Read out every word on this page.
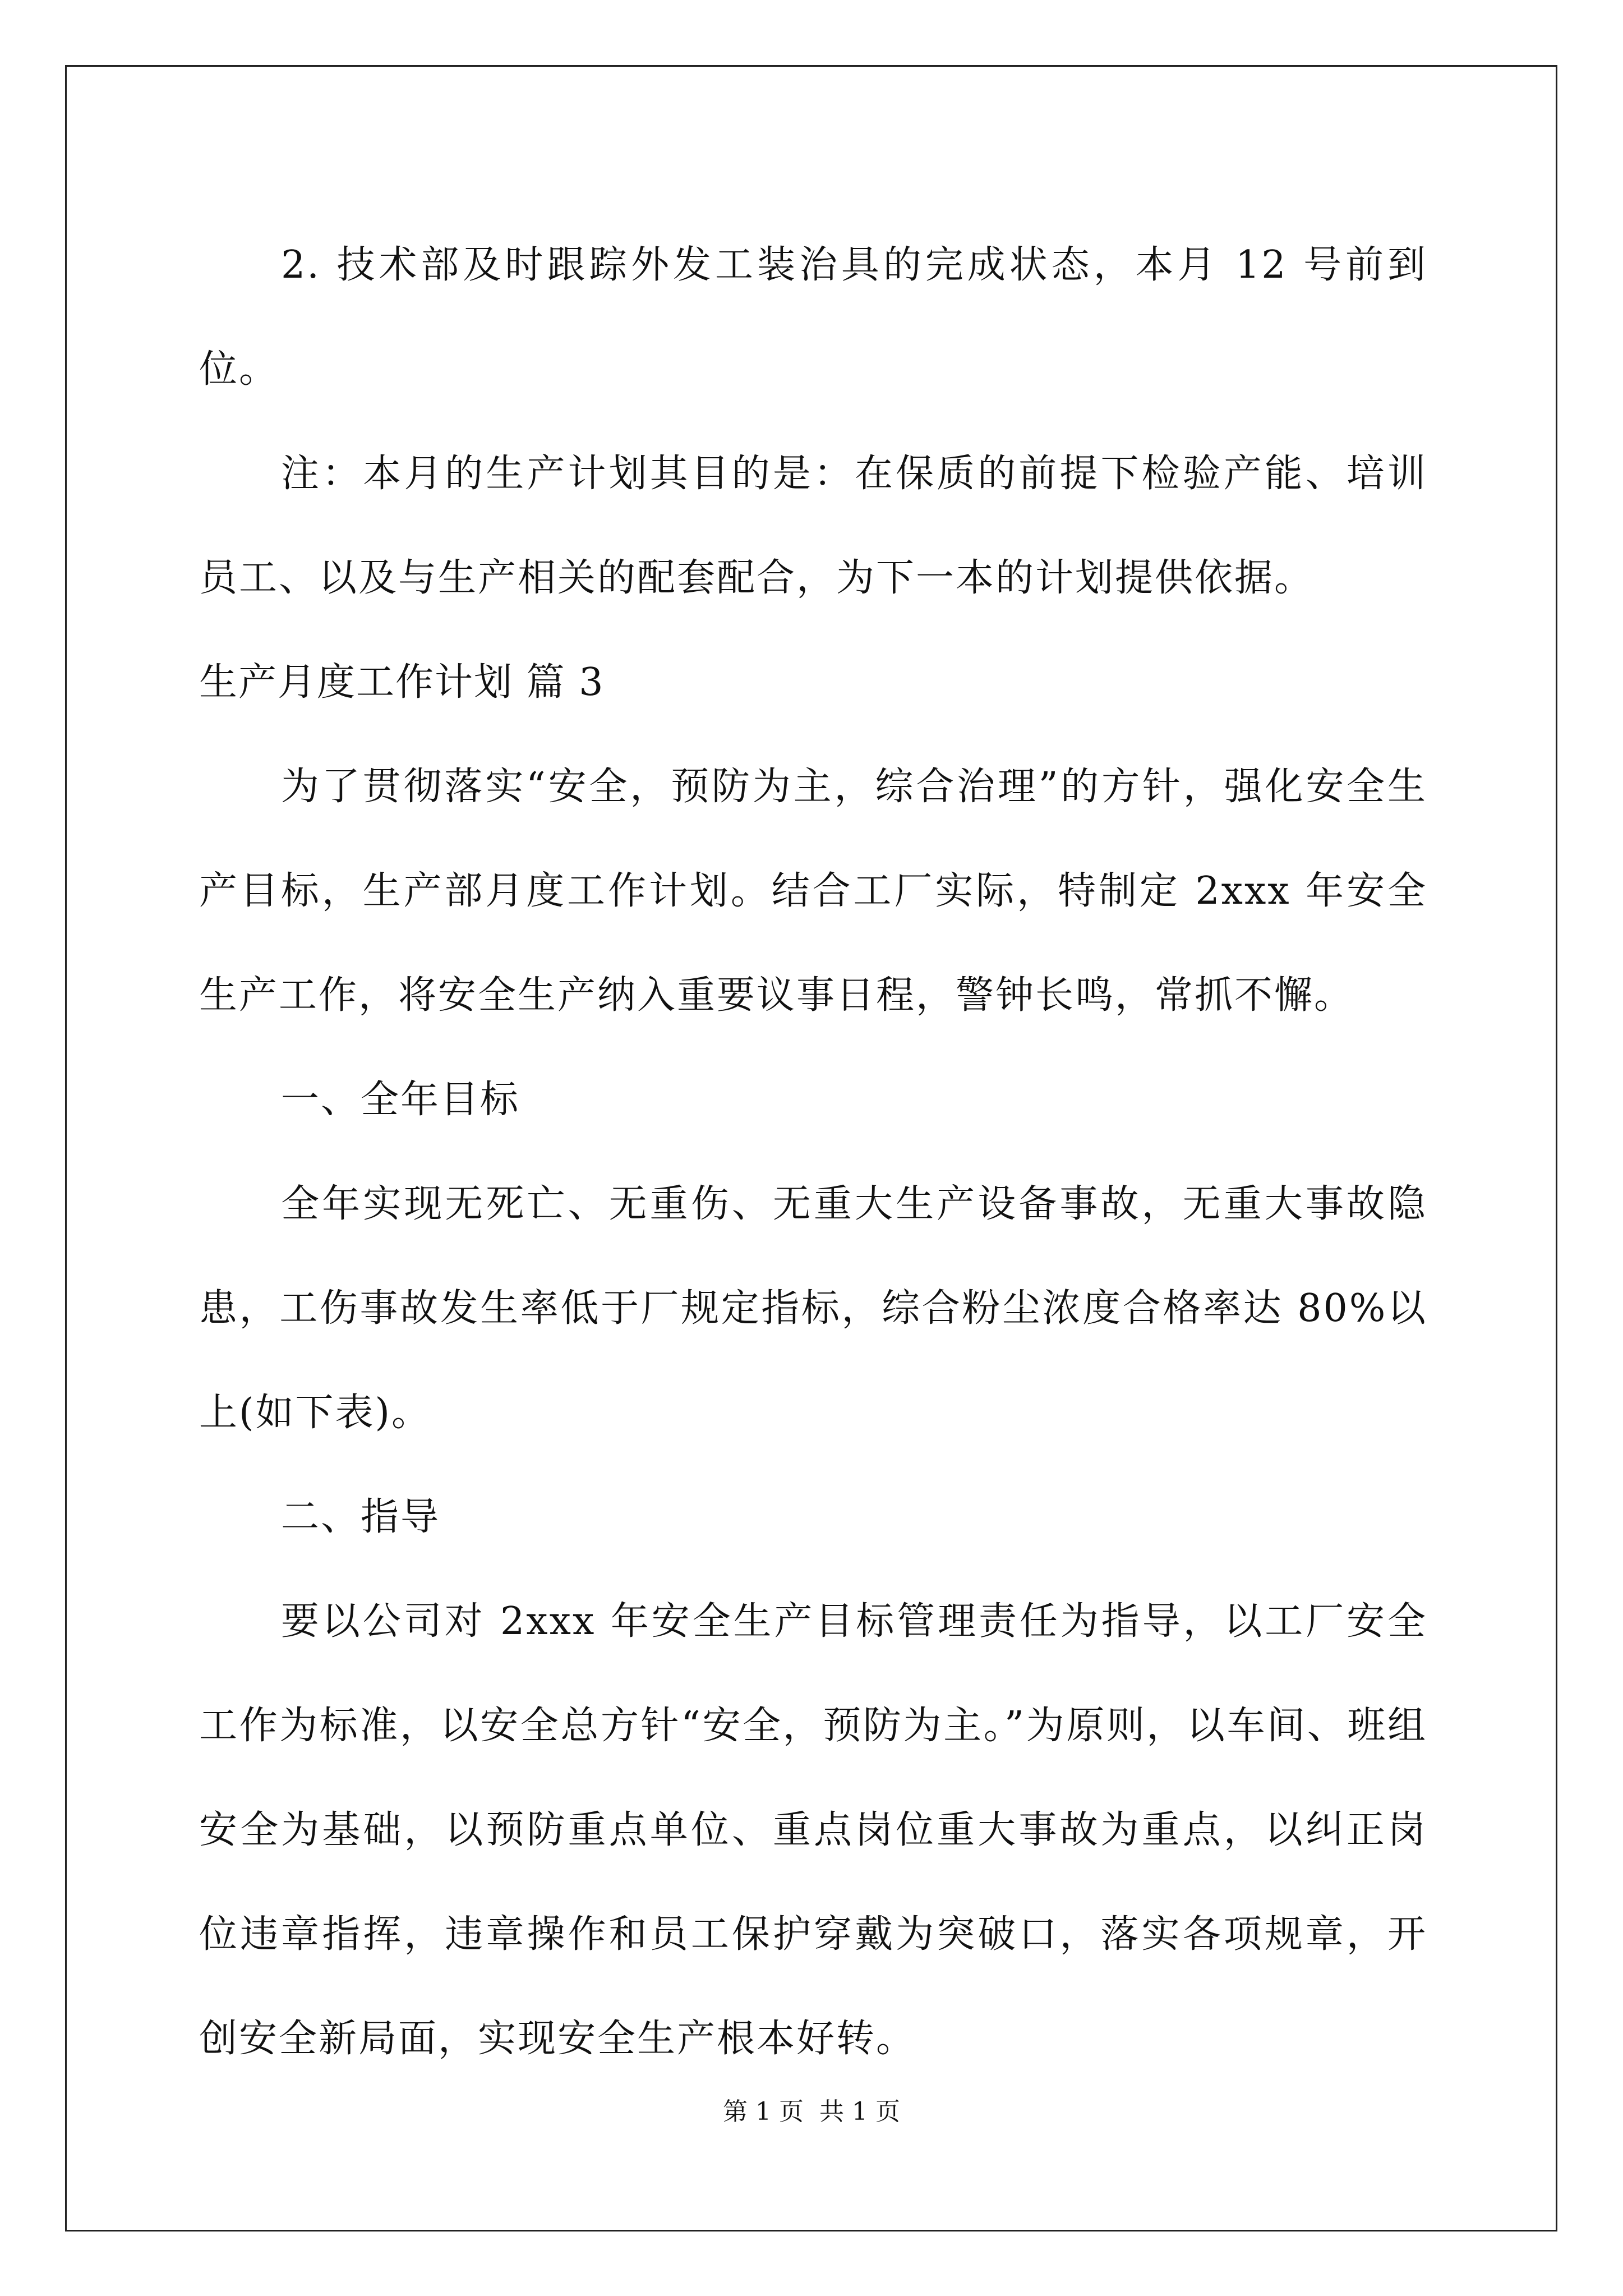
2. 技术部及时跟踪外发工装治具的完成状态，本月 12 号前到位。

注：本月的生产计划其目的是：在保质的前提下检验产能、培训员工、以及与生产相关的配套配合，为下一本的计划提供依据。

生产月度工作计划 篇 3

为了贯彻落实“安全，预防为主，综合治理”的方针，强化安全生产目标，生产部月度工作计划。结合工厂实际，特制定 2xxx 年安全生产工作，将安全生产纳入重要议事日程，警钟长鸣，常抓不懈。

一、全年目标

全年实现无死亡、无重伤、无重大生产设备事故，无重大事故隐患，工伤事故发生率低于厂规定指标，综合粉尘浓度合格率达 80%以上(如下表)。

二、指导

要以公司对 2xxx 年安全生产目标管理责任为指导，以工厂安全工作为标准，以安全总方针“安全，预防为主。”为原则，以车间、班组安全为基础，以预防重点单位、重点岗位重大事故为重点，以纠正岗位违章指挥，违章操作和员工保护穿戴为突破口，落实各项规章，开创安全新局面，实现安全生产根本好转。

第 1 页 共 1 页
